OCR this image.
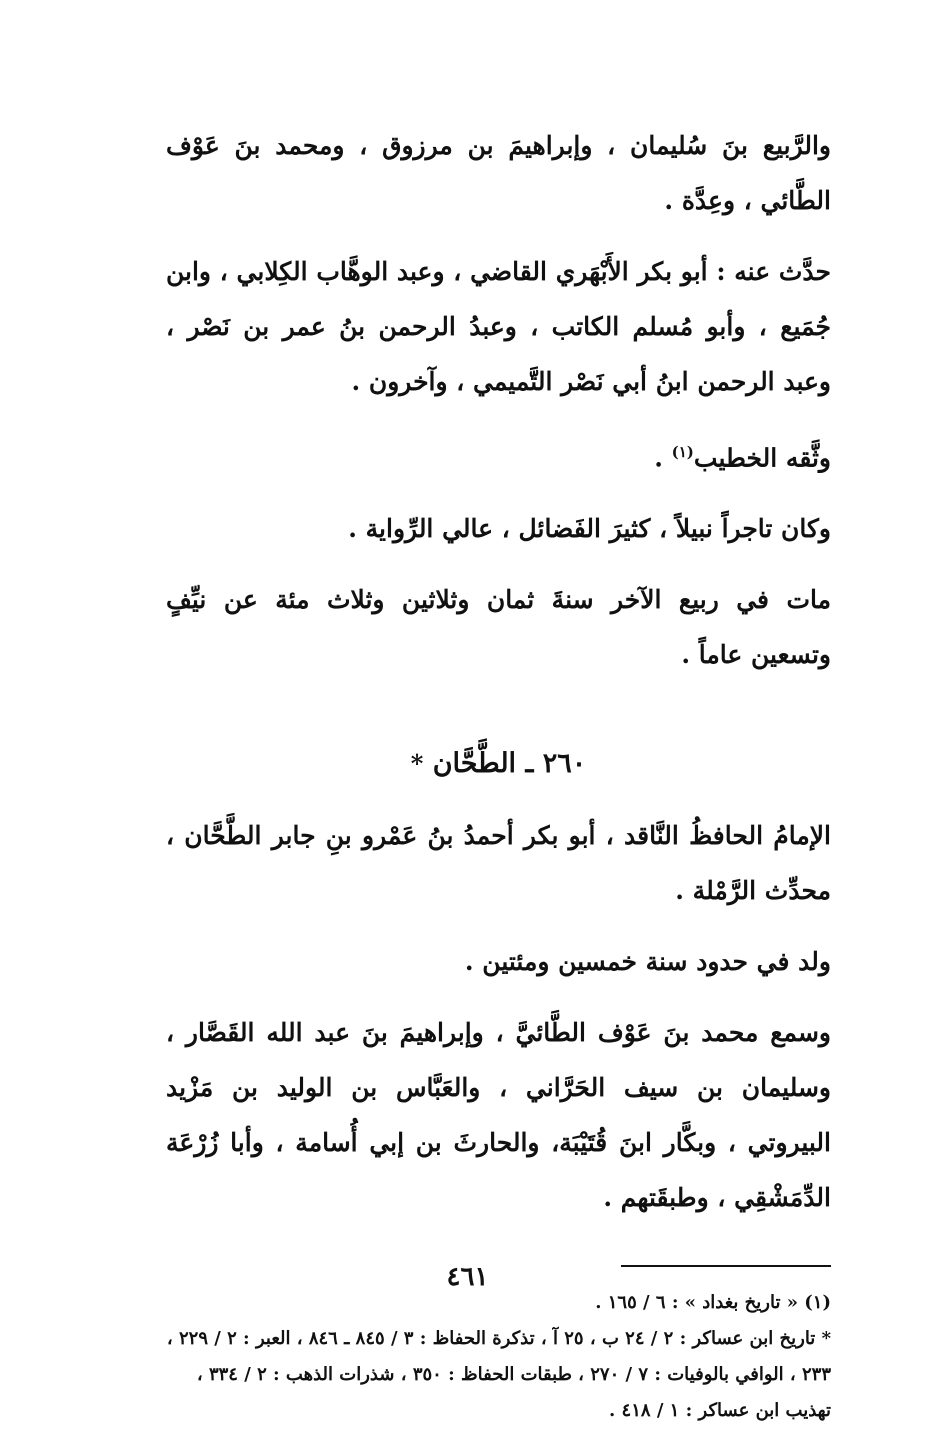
والرَّبيع بنَ سُليمان ، وإبراهيمَ بن مرزوق ، ومحمد بنَ عَوْف الطَّائي ، وعِدَّة .

حدَّث عنه : أبو بكر الأَبْهَري القاضي ، وعبد الوهَّاب الكِلابي ، وابن جُمَيع ، وأبو مُسلم الكاتب ، وعبدُ الرحمن بنُ عمر بن نَصْر ، وعبد الرحمن ابنُ أبي نَصْر التَّميمي ، وآخرون .

وثَّقه الخطيب$^{(١)}$ .

وكان تاجراً نبيلاً ، كثيرَ الفَضائل ، عالي الرِّواية .

مات في ربيع الآخر سنةَ ثمان وثلاثين وثلاث مئة عن نيِّفٍ وتسعين عاماً .

٢٦٠ ـ الطَّحَّان *

الإمامُ الحافظُ النَّاقد ، أبو بكر أحمدُ بنُ عَمْرو بنِ جابر الطَّحَّان ، محدِّث الرَّمْلة .

ولد في حدود سنة خمسين ومئتين .

وسمع محمد بنَ عَوْف الطَّائيَّ ، وإبراهيمَ بنَ عبد الله القَصَّار ، وسليمان بن سيف الحَرَّاني ، والعَبَّاس بن الوليد بن مَزْيد البيروتي ، وبكَّار ابنَ قُتَيْبَة، والحارثَ بن إبي أُسامة ، وأبا زُرْعَة الدِّمَشْقِي ، وطبقَتهم .

(١) « تاريخ بغداد » : ٦ / ١٦٥ .

* تاريخ ابن عساكر : ٢ / ٢٤ ب ، ٢٥ آ ، تذكرة الحفاظ : ٣ / ٨٤٥ ـ ٨٤٦ ، العبر : ٢ / ٢٢٩ ، ٢٣٣ ، الوافي بالوفيات : ٧ / ٢٧٠ ، طبقات الحفاظ : ٣٥٠ ، شذرات الذهب : ٢ / ٣٣٤ ، تهذيب ابن عساكر : ١ / ٤١٨ .

٤٦١
